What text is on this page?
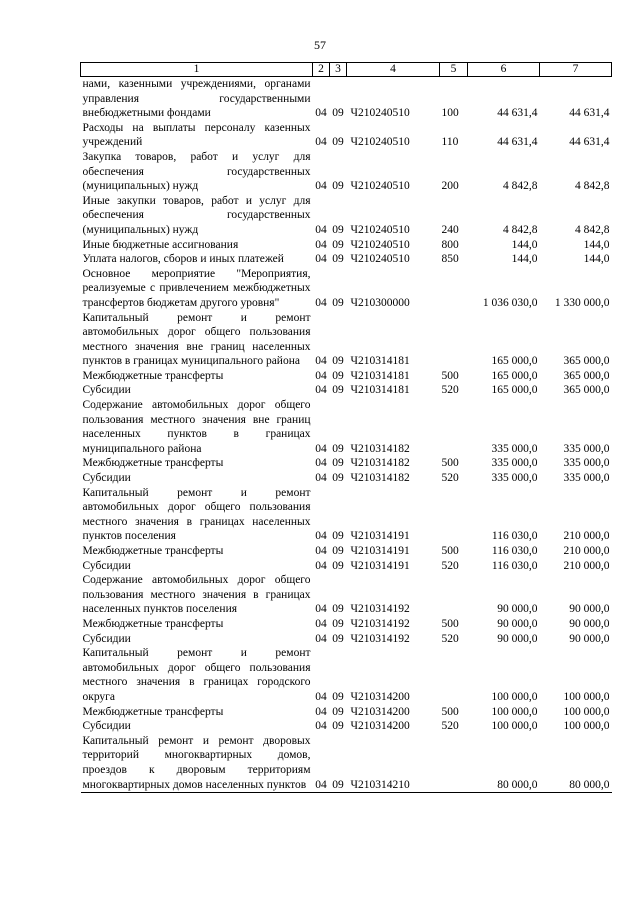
57
1	2	3	4	5	6	7
нами, казенными учреждениями, органами управления государственными внебюджетными фондами	04	09	Ч210240510	100	44 631,4	44 631,4
Расходы на выплаты персоналу казенных учреждений	04	09	Ч210240510	110	44 631,4	44 631,4
Закупка товаров, работ и услуг для обеспечения государственных (муниципальных) нужд	04	09	Ч210240510	200	4 842,8	4 842,8
Иные закупки товаров, работ и услуг для обеспечения государственных (муниципальных) нужд	04	09	Ч210240510	240	4 842,8	4 842,8
Иные бюджетные ассигнования	04	09	Ч210240510	800	144,0	144,0
Уплата налогов, сборов и иных платежей	04	09	Ч210240510	850	144,0	144,0
Основное мероприятие "Мероприятия, реализуемые с привлечением межбюджетных трансфертов бюджетам другого уровня"	04	09	Ч210300000		1 036 030,0	1 330 000,0
Капитальный ремонт и ремонт автомобильных дорог общего пользования местного значения вне границ населенных пунктов в границах муниципального района	04	09	Ч210314181		165 000,0	365 000,0
Межбюджетные трансферты	04	09	Ч210314181	500	165 000,0	365 000,0
Субсидии	04	09	Ч210314181	520	165 000,0	365 000,0
Содержание автомобильных дорог общего пользования местного значения вне границ населенных пунктов в границах муниципального района	04	09	Ч210314182		335 000,0	335 000,0
Межбюджетные трансферты	04	09	Ч210314182	500	335 000,0	335 000,0
Субсидии	04	09	Ч210314182	520	335 000,0	335 000,0
Капитальный ремонт и ремонт автомобильных дорог общего пользования местного значения в границах населенных пунктов поселения	04	09	Ч210314191		116 030,0	210 000,0
Межбюджетные трансферты	04	09	Ч210314191	500	116 030,0	210 000,0
Субсидии	04	09	Ч210314191	520	116 030,0	210 000,0
Содержание автомобильных дорог общего пользования местного значения в границах населенных пунктов поселения	04	09	Ч210314192		90 000,0	90 000,0
Межбюджетные трансферты	04	09	Ч210314192	500	90 000,0	90 000,0
Субсидии	04	09	Ч210314192	520	90 000,0	90 000,0
Капитальный ремонт и ремонт автомобильных дорог общего пользования местного значения в границах городского округа	04	09	Ч210314200		100 000,0	100 000,0
Межбюджетные трансферты	04	09	Ч210314200	500	100 000,0	100 000,0
Субсидии	04	09	Ч210314200	520	100 000,0	100 000,0
Капитальный ремонт и ремонт дворовых территорий многоквартирных домов, проездов к дворовым территориям многоквартирных домов населенных пунктов	04	09	Ч210314210		80 000,0	80 000,0
